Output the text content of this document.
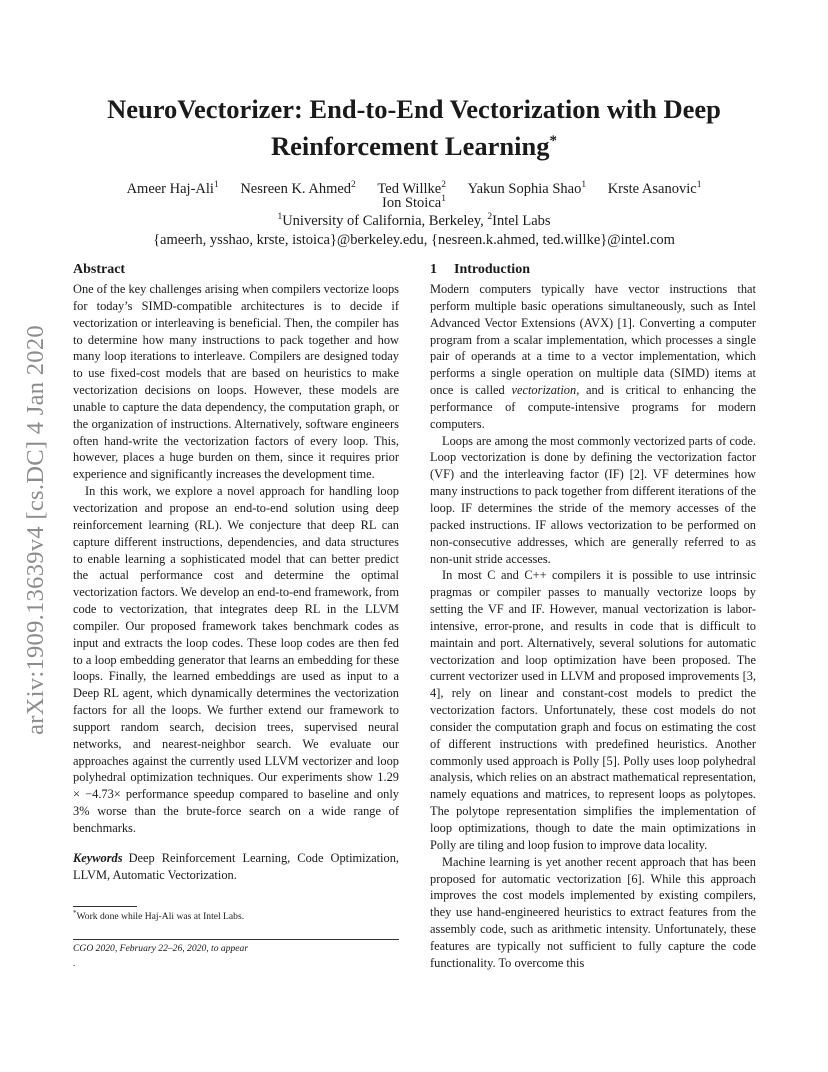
arXiv:1909.13639v4 [cs.DC] 4 Jan 2020
NeuroVectorizer: End-to-End Vectorization with Deep
Reinforcement Learning*
Ameer Haj-Ali$^1$ Nesreen K. Ahmed$^2$ Ted Willke$^2$ Yakun Sophia Shao$^1$ Krste Asanovic$^1$
Ion Stoica$^1$
$^1$University of California, Berkeley, $^2$Intel Labs
{ameerh, ysshao, krste, istoica}@berkeley.edu, {nesreen.k.ahmed, ted.willke}@intel.com
Abstract

One of the key challenges arising when compilers vectorize loops for today’s SIMD-compatible architectures is to decide if vectorization or interleaving is beneficial. Then, the compiler has to determine how many instructions to pack together and how many loop iterations to interleave. Compilers are designed today to use fixed-cost models that are based on heuristics to make vectorization decisions on loops. However, these models are unable to capture the data dependency, the computation graph, or the organization of instructions. Alternatively, software engineers often hand-write the vectorization factors of every loop. This, however, places a huge burden on them, since it requires prior experience and significantly increases the development time.

In this work, we explore a novel approach for handling loop vectorization and propose an end-to-end solution using deep reinforcement learning (RL). We conjecture that deep RL can capture different instructions, dependencies, and data structures to enable learning a sophisticated model that can better predict the actual performance cost and determine the optimal vectorization factors. We develop an end-to-end framework, from code to vectorization, that integrates deep RL in the LLVM compiler. Our proposed framework takes benchmark codes as input and extracts the loop codes. These loop codes are then fed to a loop embedding generator that learns an embedding for these loops. Finally, the learned embeddings are used as input to a Deep RL agent, which dynamically determines the vectorization factors for all the loops. We further extend our framework to support random search, decision trees, supervised neural networks, and nearest-neighbor search. We evaluate our approaches against the currently used LLVM vectorizer and loop polyhedral optimization techniques. Our experiments show 1.29 × −4.73× performance speedup compared to baseline and only 3% worse than the brute-force search on a wide range of benchmarks.

Keywords Deep Reinforcement Learning, Code Optimization, LLVM, Automatic Vectorization.

*Work done while Haj-Ali was at Intel Labs.
CGO 2020, February 22–26, 2020, to appear
.
1 Introduction

Modern computers typically have vector instructions that perform multiple basic operations simultaneously, such as Intel Advanced Vector Extensions (AVX) [1]. Converting a computer program from a scalar implementation, which processes a single pair of operands at a time to a vector implementation, which performs a single operation on multiple data (SIMD) items at once is called vectorization, and is critical to enhancing the performance of compute-intensive programs for modern computers.

Loops are among the most commonly vectorized parts of code. Loop vectorization is done by defining the vectorization factor (VF) and the interleaving factor (IF) [2]. VF determines how many instructions to pack together from different iterations of the loop. IF determines the stride of the memory accesses of the packed instructions. IF allows vectorization to be performed on non-consecutive addresses, which are generally referred to as non-unit stride accesses.

In most C and C++ compilers it is possible to use intrinsic pragmas or compiler passes to manually vectorize loops by setting the VF and IF. However, manual vectorization is labor-intensive, error-prone, and results in code that is difficult to maintain and port. Alternatively, several solutions for automatic vectorization and loop optimization have been proposed. The current vectorizer used in LLVM and proposed improvements [3, 4], rely on linear and constant-cost models to predict the vectorization factors. Unfortunately, these cost models do not consider the computation graph and focus on estimating the cost of different instructions with predefined heuristics. Another commonly used approach is Polly [5]. Polly uses loop polyhedral analysis, which relies on an abstract mathematical representation, namely equations and matrices, to represent loops as polytopes. The polytope representation simplifies the implementation of loop optimizations, though to date the main optimizations in Polly are tiling and loop fusion to improve data locality.

Machine learning is yet another recent approach that has been proposed for automatic vectorization [6]. While this approach improves the cost models implemented by existing compilers, they use hand-engineered heuristics to extract features from the assembly code, such as arithmetic intensity. Unfortunately, these features are typically not sufficient to fully capture the code functionality. To overcome this
